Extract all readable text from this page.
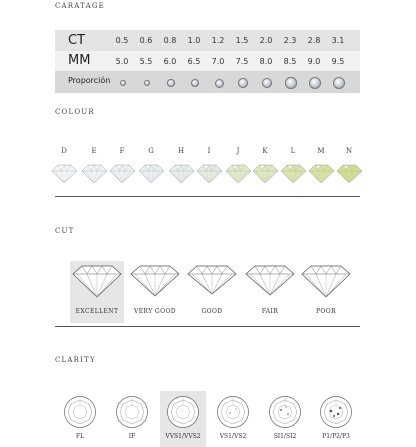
CARATAGE
COLOUR
CUT
CLARITY
CT	0.5	0.6	0.8	1.0	1.2	1.5	2.0	2.3	2.8	3.1
MM	5.0	5.5	6.0	6.5	7.0	7.5	8.0	8.5	9.0	9.5
Proporción
D	E	F	G	H	I	J	K	L	M	N
EXCELLENT	VERY GOOD	GOOD	FAIR	POOR
FL	IF	VVS1/VVS2	VS1/VS2	SI1/SI2	P1/P2/P3
